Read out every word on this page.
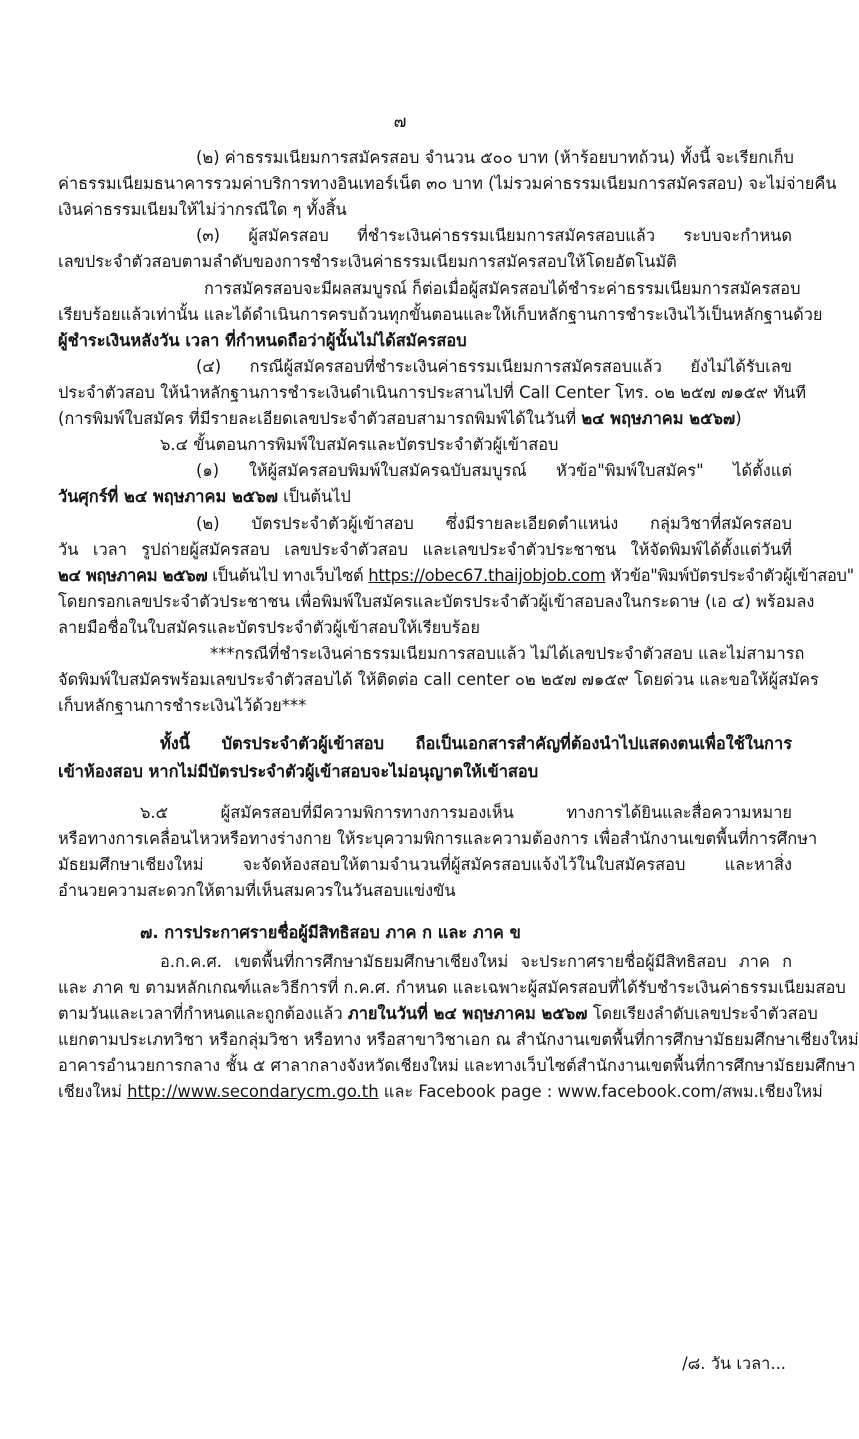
๗
(๒) ค่าธรรมเนียมการสมัครสอบ จำนวน ๕๐๐ บาท (ห้าร้อยบาทถ้วน) ทั้งนี้ จะเรียกเก็บ
ค่าธรรมเนียมธนาคารรวมค่าบริการทางอินเทอร์เน็ต ๓๐ บาท (ไม่รวมค่าธรรมเนียมการสมัครสอบ) จะไม่จ่ายคืน
เงินค่าธรรมเนียมให้ไม่ว่ากรณีใด ๆ ทั้งสิ้น
(๓) ผู้สมัครสอบ ที่ชำระเงินค่าธรรมเนียมการสมัครสอบแล้ว ระบบจะกำหนด
เลขประจำตัวสอบตามลำดับของการชำระเงินค่าธรรมเนียมการสมัครสอบให้โดยอัตโนมัติ
การสมัครสอบจะมีผลสมบูรณ์ ก็ต่อเมื่อผู้สมัครสอบได้ชำระค่าธรรมเนียมการสมัครสอบ
เรียบร้อยแล้วเท่านั้น และได้ดำเนินการครบถ้วนทุกขั้นตอนและให้เก็บหลักฐานการชำระเงินไว้เป็นหลักฐานด้วย
ผู้ชำระเงินหลังวัน เวลา ที่กำหนดถือว่าผู้นั้นไม่ได้สมัครสอบ
(๔) กรณีผู้สมัครสอบที่ชำระเงินค่าธรรมเนียมการสมัครสอบแล้ว ยังไม่ได้รับเลข
ประจำตัวสอบ ให้นำหลักฐานการชำระเงินดำเนินการประสานไปที่ Call Center โทร. ๐๒ ๒๕๗ ๗๑๕๙ ทันที
(การพิมพ์ใบสมัคร ที่มีรายละเอียดเลขประจำตัวสอบสามารถพิมพ์ได้ในวันที่ ๒๔ พฤษภาคม ๒๕๖๗)
๖.๔ ขั้นตอนการพิมพ์ใบสมัครและบัตรประจำตัวผู้เข้าสอบ
(๑) ให้ผู้สมัครสอบพิมพ์ใบสมัครฉบับสมบูรณ์ หัวข้อ"พิมพ์ใบสมัคร" ได้ตั้งแต่
วันศุกร์ที่ ๒๔ พฤษภาคม ๒๕๖๗ เป็นต้นไป
(๒) บัตรประจำตัวผู้เข้าสอบ ซึ่งมีรายละเอียดตำแหน่ง กลุ่มวิชาที่สมัครสอบ
วัน เวลา รูปถ่ายผู้สมัครสอบ เลขประจำตัวสอบ และเลขประจำตัวประชาชน ให้จัดพิมพ์ได้ตั้งแต่วันที่
๒๔ พฤษภาคม ๒๕๖๗ เป็นต้นไป ทางเว็บไซต์ https://obec67.thaijobjob.com หัวข้อ"พิมพ์บัตรประจำตัวผู้เข้าสอบ"
โดยกรอกเลขประจำตัวประชาชน เพื่อพิมพ์ใบสมัครและบัตรประจำตัวผู้เข้าสอบลงในกระดาษ (เอ ๔) พร้อมลง
ลายมือชื่อในใบสมัครและบัตรประจำตัวผู้เข้าสอบให้เรียบร้อย
***กรณีที่ชำระเงินค่าธรรมเนียมการสอบแล้ว ไม่ได้เลขประจำตัวสอบ และไม่สามารถ
จัดพิมพ์ใบสมัครพร้อมเลขประจำตัวสอบได้ ให้ติดต่อ call center ๐๒ ๒๕๗ ๗๑๕๙ โดยด่วน และขอให้ผู้สมัคร
เก็บหลักฐานการชำระเงินไว้ด้วย***
ทั้งนี้ บัตรประจำตัวผู้เข้าสอบ ถือเป็นเอกสารสำคัญที่ต้องนำไปแสดงตนเพื่อใช้ในการ
เข้าห้องสอบ หากไม่มีบัตรประจำตัวผู้เข้าสอบจะไม่อนุญาตให้เข้าสอบ
๖.๕ ผู้สมัครสอบที่มีความพิการทางการมองเห็น ทางการได้ยินและสื่อความหมาย
หรือทางการเคลื่อนไหวหรือทางร่างกาย ให้ระบุความพิการและความต้องการ เพื่อสำนักงานเขตพื้นที่การศึกษา
มัธยมศึกษาเชียงใหม่ จะจัดห้องสอบให้ตามจำนวนที่ผู้สมัครสอบแจ้งไว้ในใบสมัครสอบ และหาสิ่ง
อำนวยความสะดวกให้ตามที่เห็นสมควรในวันสอบแข่งขัน
๗. การประกาศรายชื่อผู้มีสิทธิสอบ ภาค ก และ ภาค ข
อ.ก.ค.ศ. เขตพื้นที่การศึกษามัธยมศึกษาเชียงใหม่ จะประกาศรายชื่อผู้มีสิทธิสอบ ภาค ก
และ ภาค ข ตามหลักเกณฑ์และวิธีการที่ ก.ค.ศ. กำหนด และเฉพาะผู้สมัครสอบที่ได้รับชำระเงินค่าธรรมเนียมสอบ
ตามวันและเวลาที่กำหนดและถูกต้องแล้ว ภายในวันที่ ๒๔ พฤษภาคม ๒๕๖๗ โดยเรียงลำดับเลขประจำตัวสอบ
แยกตามประเภทวิชา หรือกลุ่มวิชา หรือทาง หรือสาขาวิชาเอก ณ สำนักงานเขตพื้นที่การศึกษามัธยมศึกษาเชียงใหม่
อาคารอำนวยการกลาง ชั้น ๕ ศาลากลางจังหวัดเชียงใหม่ และทางเว็บไซต์สำนักงานเขตพื้นที่การศึกษามัธยมศึกษา
เชียงใหม่ http://www.secondarycm.go.th และ Facebook page : www.facebook.com/สพม.เชียงใหม่
/๘. วัน เวลา...
